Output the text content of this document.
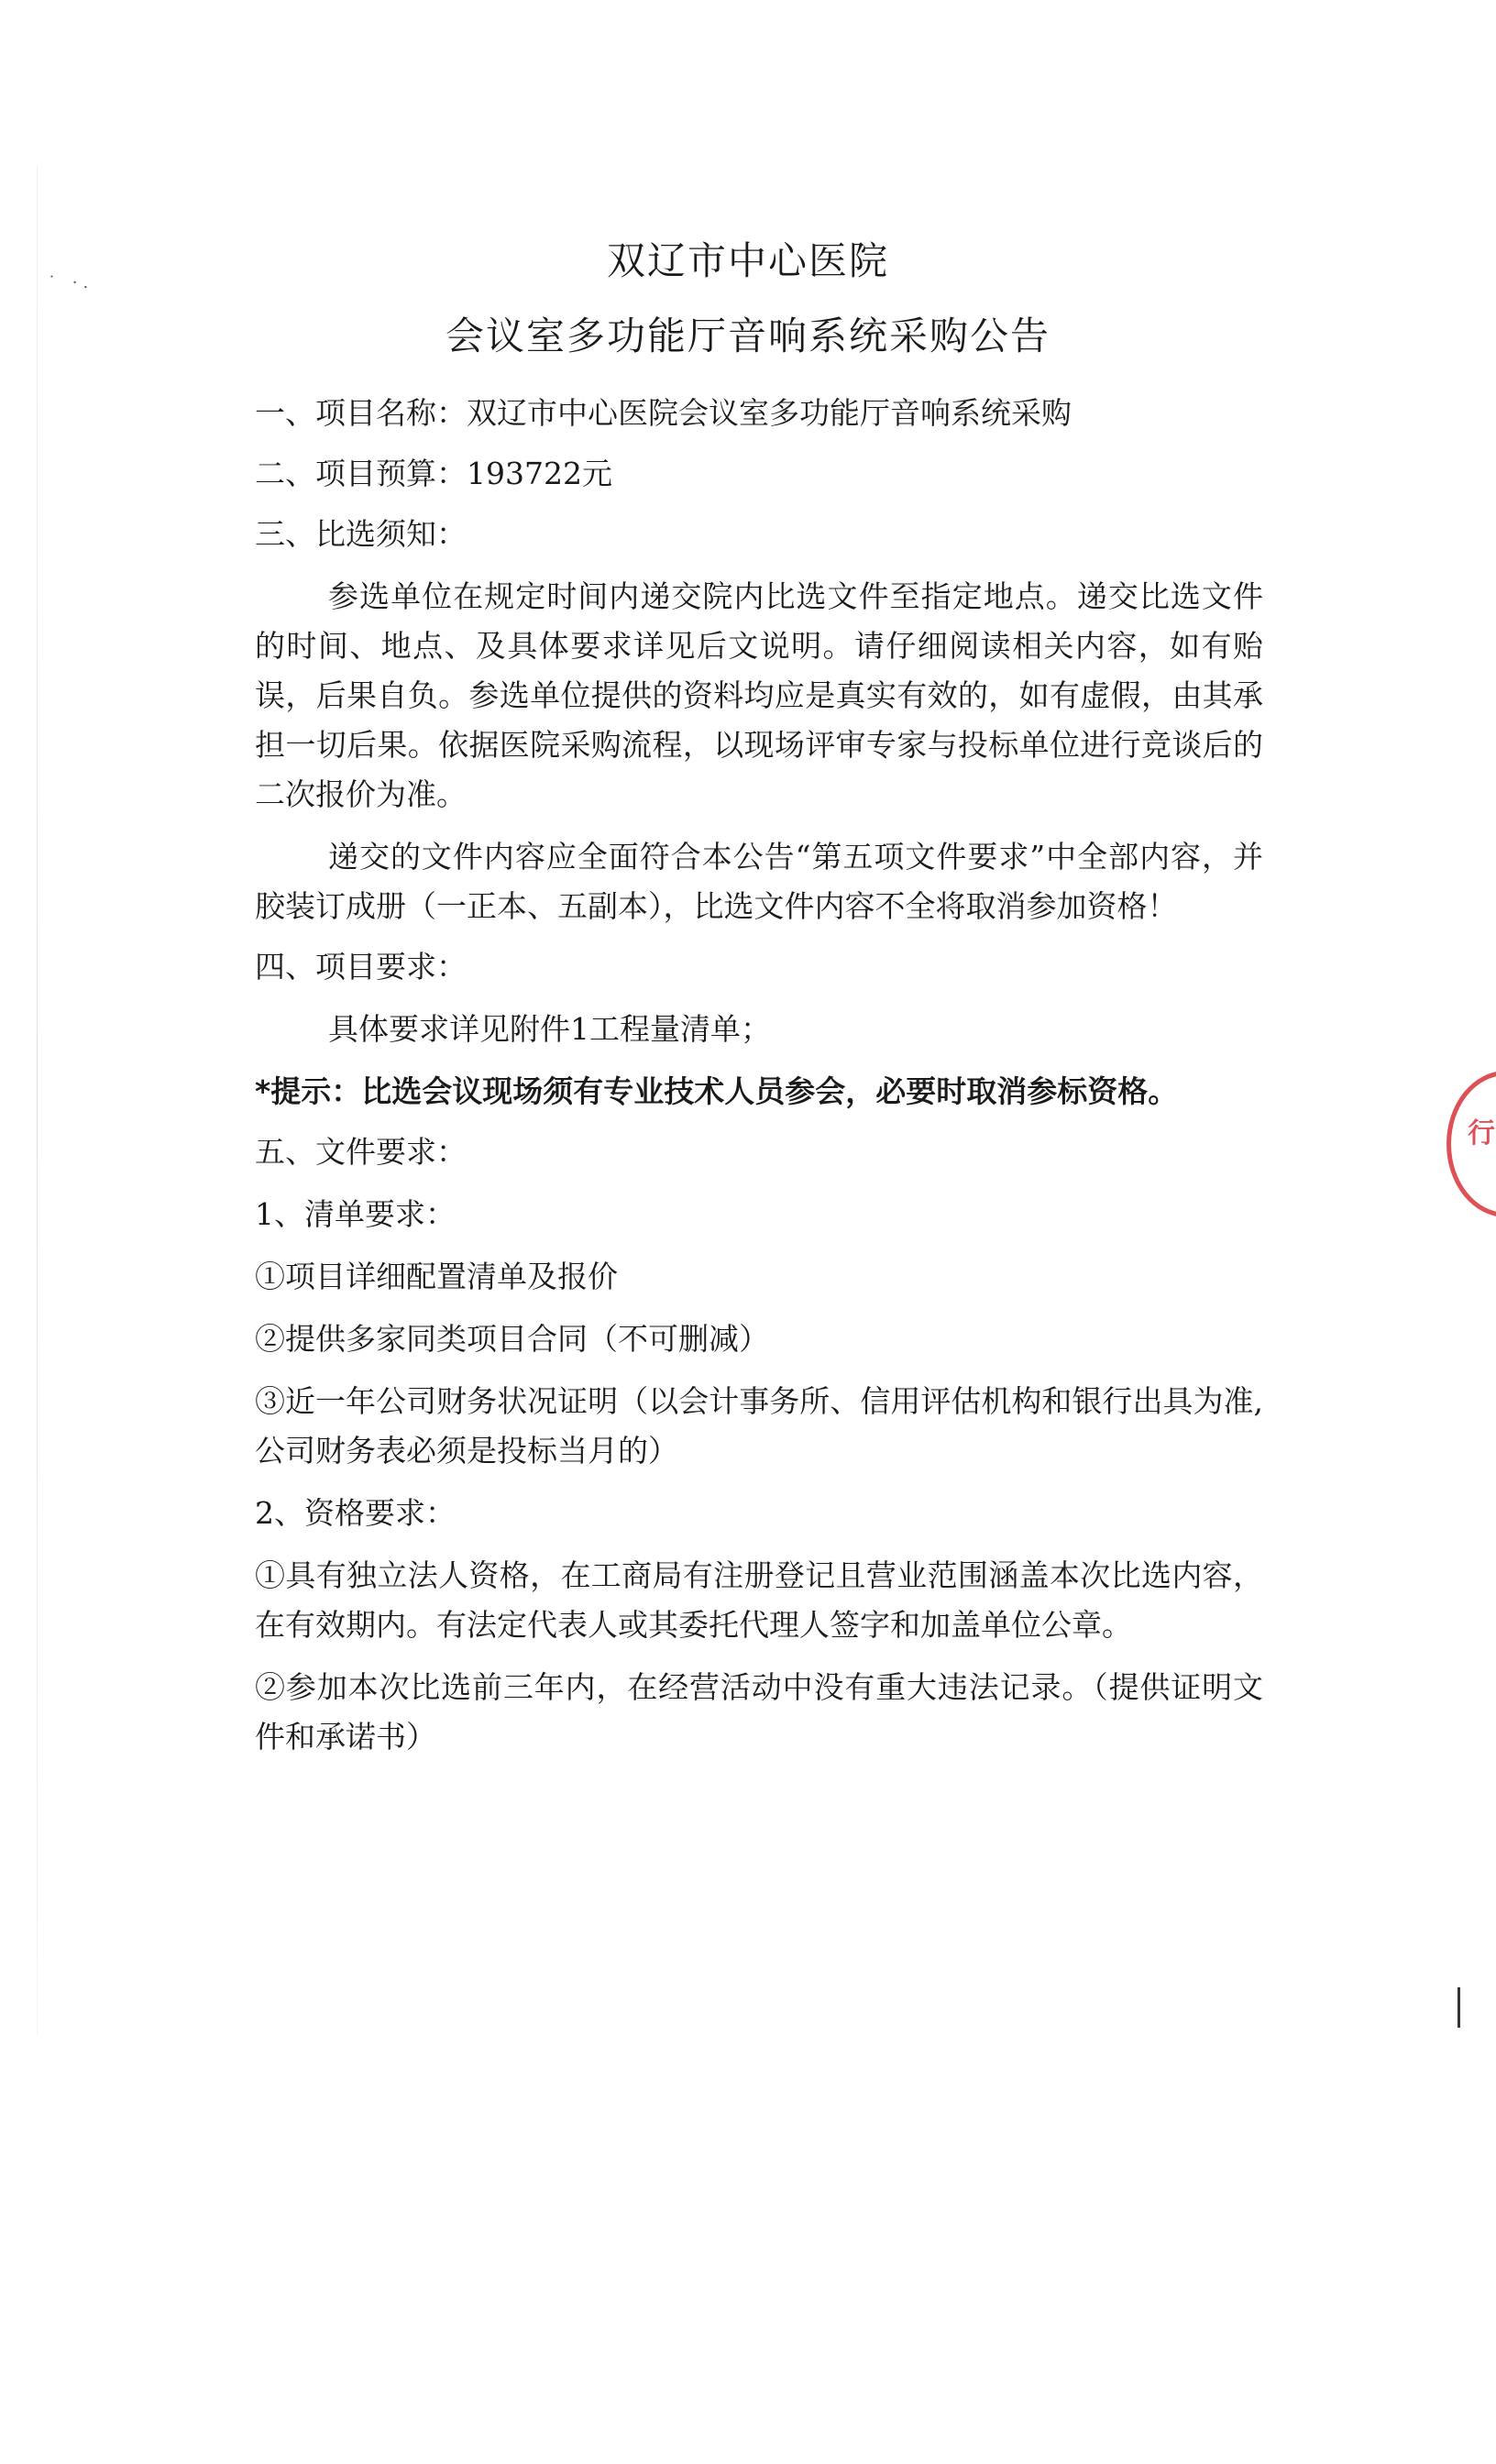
˙ ·.
行
双辽市中心医院
会议室多功能厅音响系统采购公告
一、项目名称：双辽市中心医院会议室多功能厅音响系统采购
二、项目预算：193722元
三、比选须知：
参选单位在规定时间内递交院内比选文件至指定地点。递交比选文件的时间、地点、及具体要求详见后文说明。请仔细阅读相关内容，如有贻误，后果自负。参选单位提供的资料均应是真实有效的，如有虚假，由其承担一切后果。依据医院采购流程，以现场评审专家与投标单位进行竞谈后的二次报价为准。
递交的文件内容应全面符合本公告“第五项文件要求”中全部内容，并胶装订成册（一正本、五副本），比选文件内容不全将取消参加资格！
四、项目要求：
具体要求详见附件1工程量清单；
*提示：比选会议现场须有专业技术人员参会，必要时取消参标资格。
五、文件要求：
1、清单要求：
①项目详细配置清单及报价
②提供多家同类项目合同（不可删减）
③近一年公司财务状况证明（以会计事务所、信用评估机构和银行出具为准,公司财务表必须是投标当月的）
2、资格要求：
①具有独立法人资格，在工商局有注册登记且营业范围涵盖本次比选内容，在有效期内。有法定代表人或其委托代理人签字和加盖单位公章。
②参加本次比选前三年内，在经营活动中没有重大违法记录。（提供证明文件和承诺书）
